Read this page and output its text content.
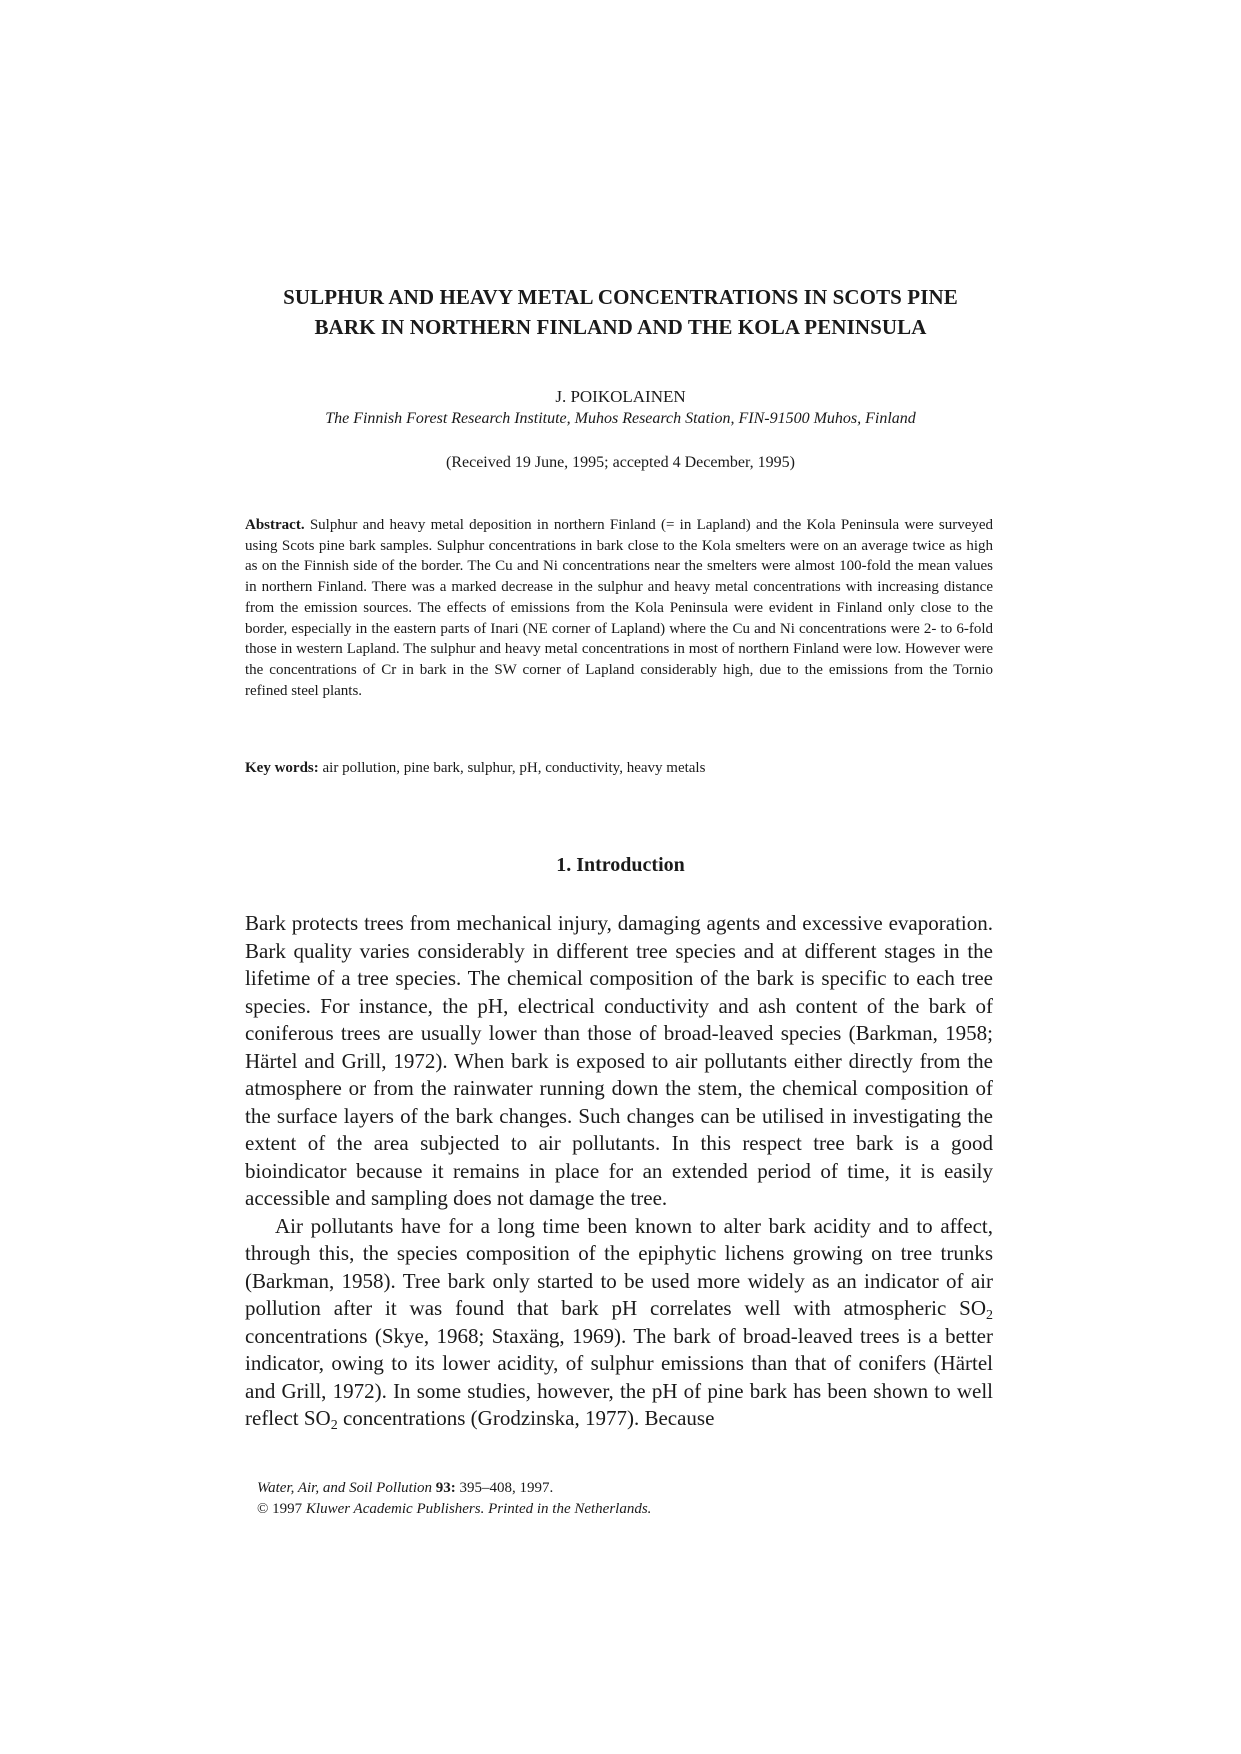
SULPHUR AND HEAVY METAL CONCENTRATIONS IN SCOTS PINE
BARK IN NORTHERN FINLAND AND THE KOLA PENINSULA
J. POIKOLAINEN
The Finnish Forest Research Institute, Muhos Research Station, FIN-91500 Muhos, Finland
(Received 19 June, 1995; accepted 4 December, 1995)
Abstract. Sulphur and heavy metal deposition in northern Finland (= in Lapland) and the Kola Peninsula were surveyed using Scots pine bark samples. Sulphur concentrations in bark close to the Kola smelters were on an average twice as high as on the Finnish side of the border. The Cu and Ni concentrations near the smelters were almost 100-fold the mean values in northern Finland. There was a marked decrease in the sulphur and heavy metal concentrations with increasing distance from the emission sources. The effects of emissions from the Kola Peninsula were evident in Finland only close to the border, especially in the eastern parts of Inari (NE corner of Lapland) where the Cu and Ni concentrations were 2- to 6-fold those in western Lapland. The sulphur and heavy metal concentrations in most of northern Finland were low. However were the concentrations of Cr in bark in the SW corner of Lapland considerably high, due to the emissions from the Tornio refined steel plants.
Key words: air pollution, pine bark, sulphur, pH, conductivity, heavy metals
1. Introduction

Bark protects trees from mechanical injury, damaging agents and excessive evaporation. Bark quality varies considerably in different tree species and at different stages in the lifetime of a tree species. The chemical composition of the bark is specific to each tree species. For instance, the pH, electrical conductivity and ash content of the bark of coniferous trees are usually lower than those of broad-leaved species (Barkman, 1958; Härtel and Grill, 1972). When bark is exposed to air pollutants either directly from the atmosphere or from the rainwater running down the stem, the chemical composition of the surface layers of the bark changes. Such changes can be utilised in investigating the extent of the area subjected to air pollutants. In this respect tree bark is a good bioindicator because it remains in place for an extended period of time, it is easily accessible and sampling does not damage the tree.

Air pollutants have for a long time been known to alter bark acidity and to affect, through this, the species composition of the epiphytic lichens growing on tree trunks (Barkman, 1958). Tree bark only started to be used more widely as an indicator of air pollution after it was found that bark pH correlates well with atmospheric $SO_2$ concentrations (Skye, 1968; Staxäng, 1969). The bark of broad-leaved trees is a better indicator, owing to its lower acidity, of sulphur emissions than that of conifers (Härtel and Grill, 1972). In some studies, however, the pH of pine bark has been shown to well reflect $SO_2$ concentrations (Grodzinska, 1977). Because

Water, Air, and Soil Pollution 93: 395–408, 1997.
© 1997 Kluwer Academic Publishers. Printed in the Netherlands.
